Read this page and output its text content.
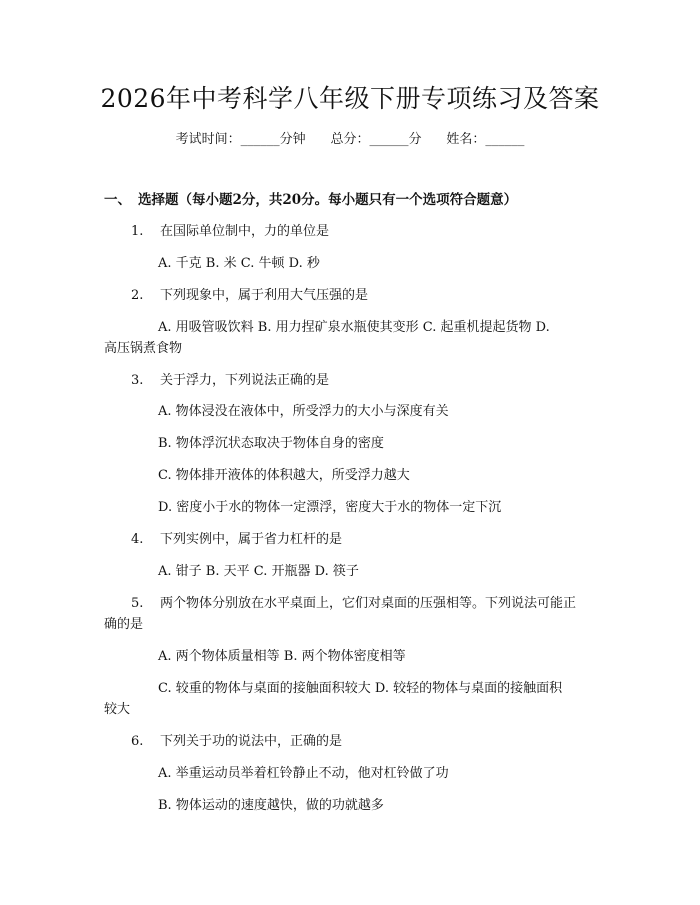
2026年中考科学八年级下册专项练习及答案
考试时间：______分钟 总分：______分 姓名：______
一、 选择题（每小题2分，共20分。每小题只有一个选项符合题意）
1. 在国际单位制中，力的单位是
A. 千克 B. 米 C. 牛顿 D. 秒
2. 下列现象中，属于利用大气压强的是
A. 用吸管吸饮料 B. 用力捏矿泉水瓶使其变形 C. 起重机提起货物 D.
高压锅煮食物
3. 关于浮力，下列说法正确的是
A. 物体浸没在液体中，所受浮力的大小与深度有关
B. 物体浮沉状态取决于物体自身的密度
C. 物体排开液体的体积越大，所受浮力越大
D. 密度小于水的物体一定漂浮，密度大于水的物体一定下沉
4. 下列实例中，属于省力杠杆的是
A. 钳子 B. 天平 C. 开瓶器 D. 筷子
5. 两个物体分别放在水平桌面上，它们对桌面的压强相等。下列说法可能正
确的是
A. 两个物体质量相等 B. 两个物体密度相等
C. 较重的物体与桌面的接触面积较大 D. 较轻的物体与桌面的接触面积
较大
6. 下列关于功的说法中，正确的是
A. 举重运动员举着杠铃静止不动，他对杠铃做了功
B. 物体运动的速度越快，做的功就越多
